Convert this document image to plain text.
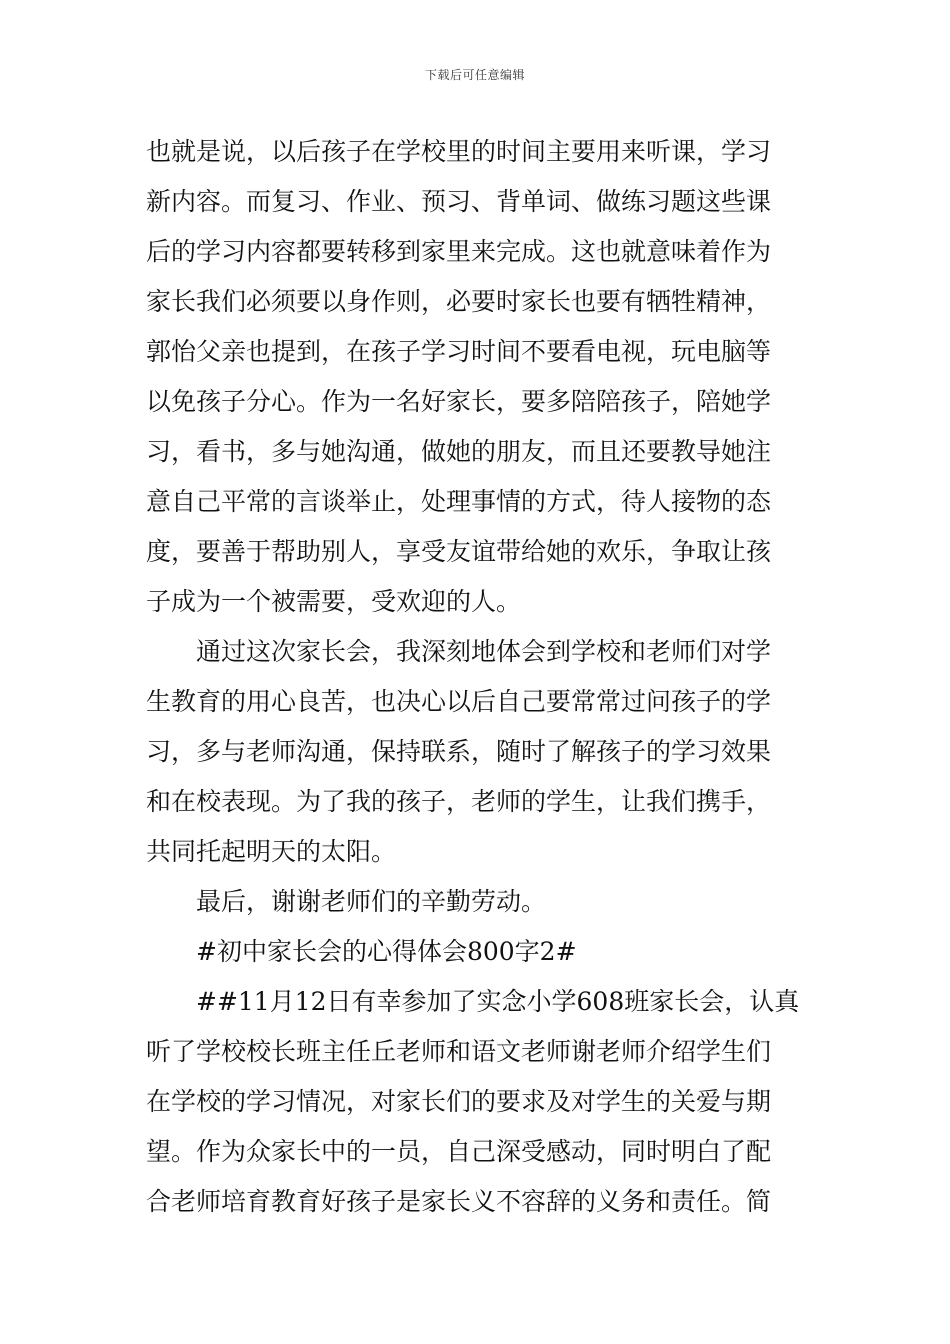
下载后可任意编辑
也就是说，以后孩子在学校里的时间主要用来听课，学习
新内容。而复习、作业、预习、背单词、做练习题这些课
后的学习内容都要转移到家里来完成。这也就意味着作为
家长我们必须要以身作则，必要时家长也要有牺牲精神，
郭怡父亲也提到，在孩子学习时间不要看电视，玩电脑等
以免孩子分心。作为一名好家长，要多陪陪孩子，陪她学
习，看书，多与她沟通，做她的朋友，而且还要教导她注
意自己平常的言谈举止，处理事情的方式，待人接物的态
度，要善于帮助别人，享受友谊带给她的欢乐，争取让孩
子成为一个被需要，受欢迎的人。
通过这次家长会，我深刻地体会到学校和老师们对学
生教育的用心良苦，也决心以后自己要常常过问孩子的学
习，多与老师沟通，保持联系，随时了解孩子的学习效果
和在校表现。为了我的孩子，老师的学生，让我们携手，
共同托起明天的太阳。
最后，谢谢老师们的辛勤劳动。
#初中家长会的心得体会800字2#
##11月12日有幸参加了实念小学608班家长会，认真
听了学校校长班主任丘老师和语文老师谢老师介绍学生们
在学校的学习情况，对家长们的要求及对学生的关爱与期
望。作为众家长中的一员，自己深受感动，同时明白了配
合老师培育教育好孩子是家长义不容辞的义务和责任。简
